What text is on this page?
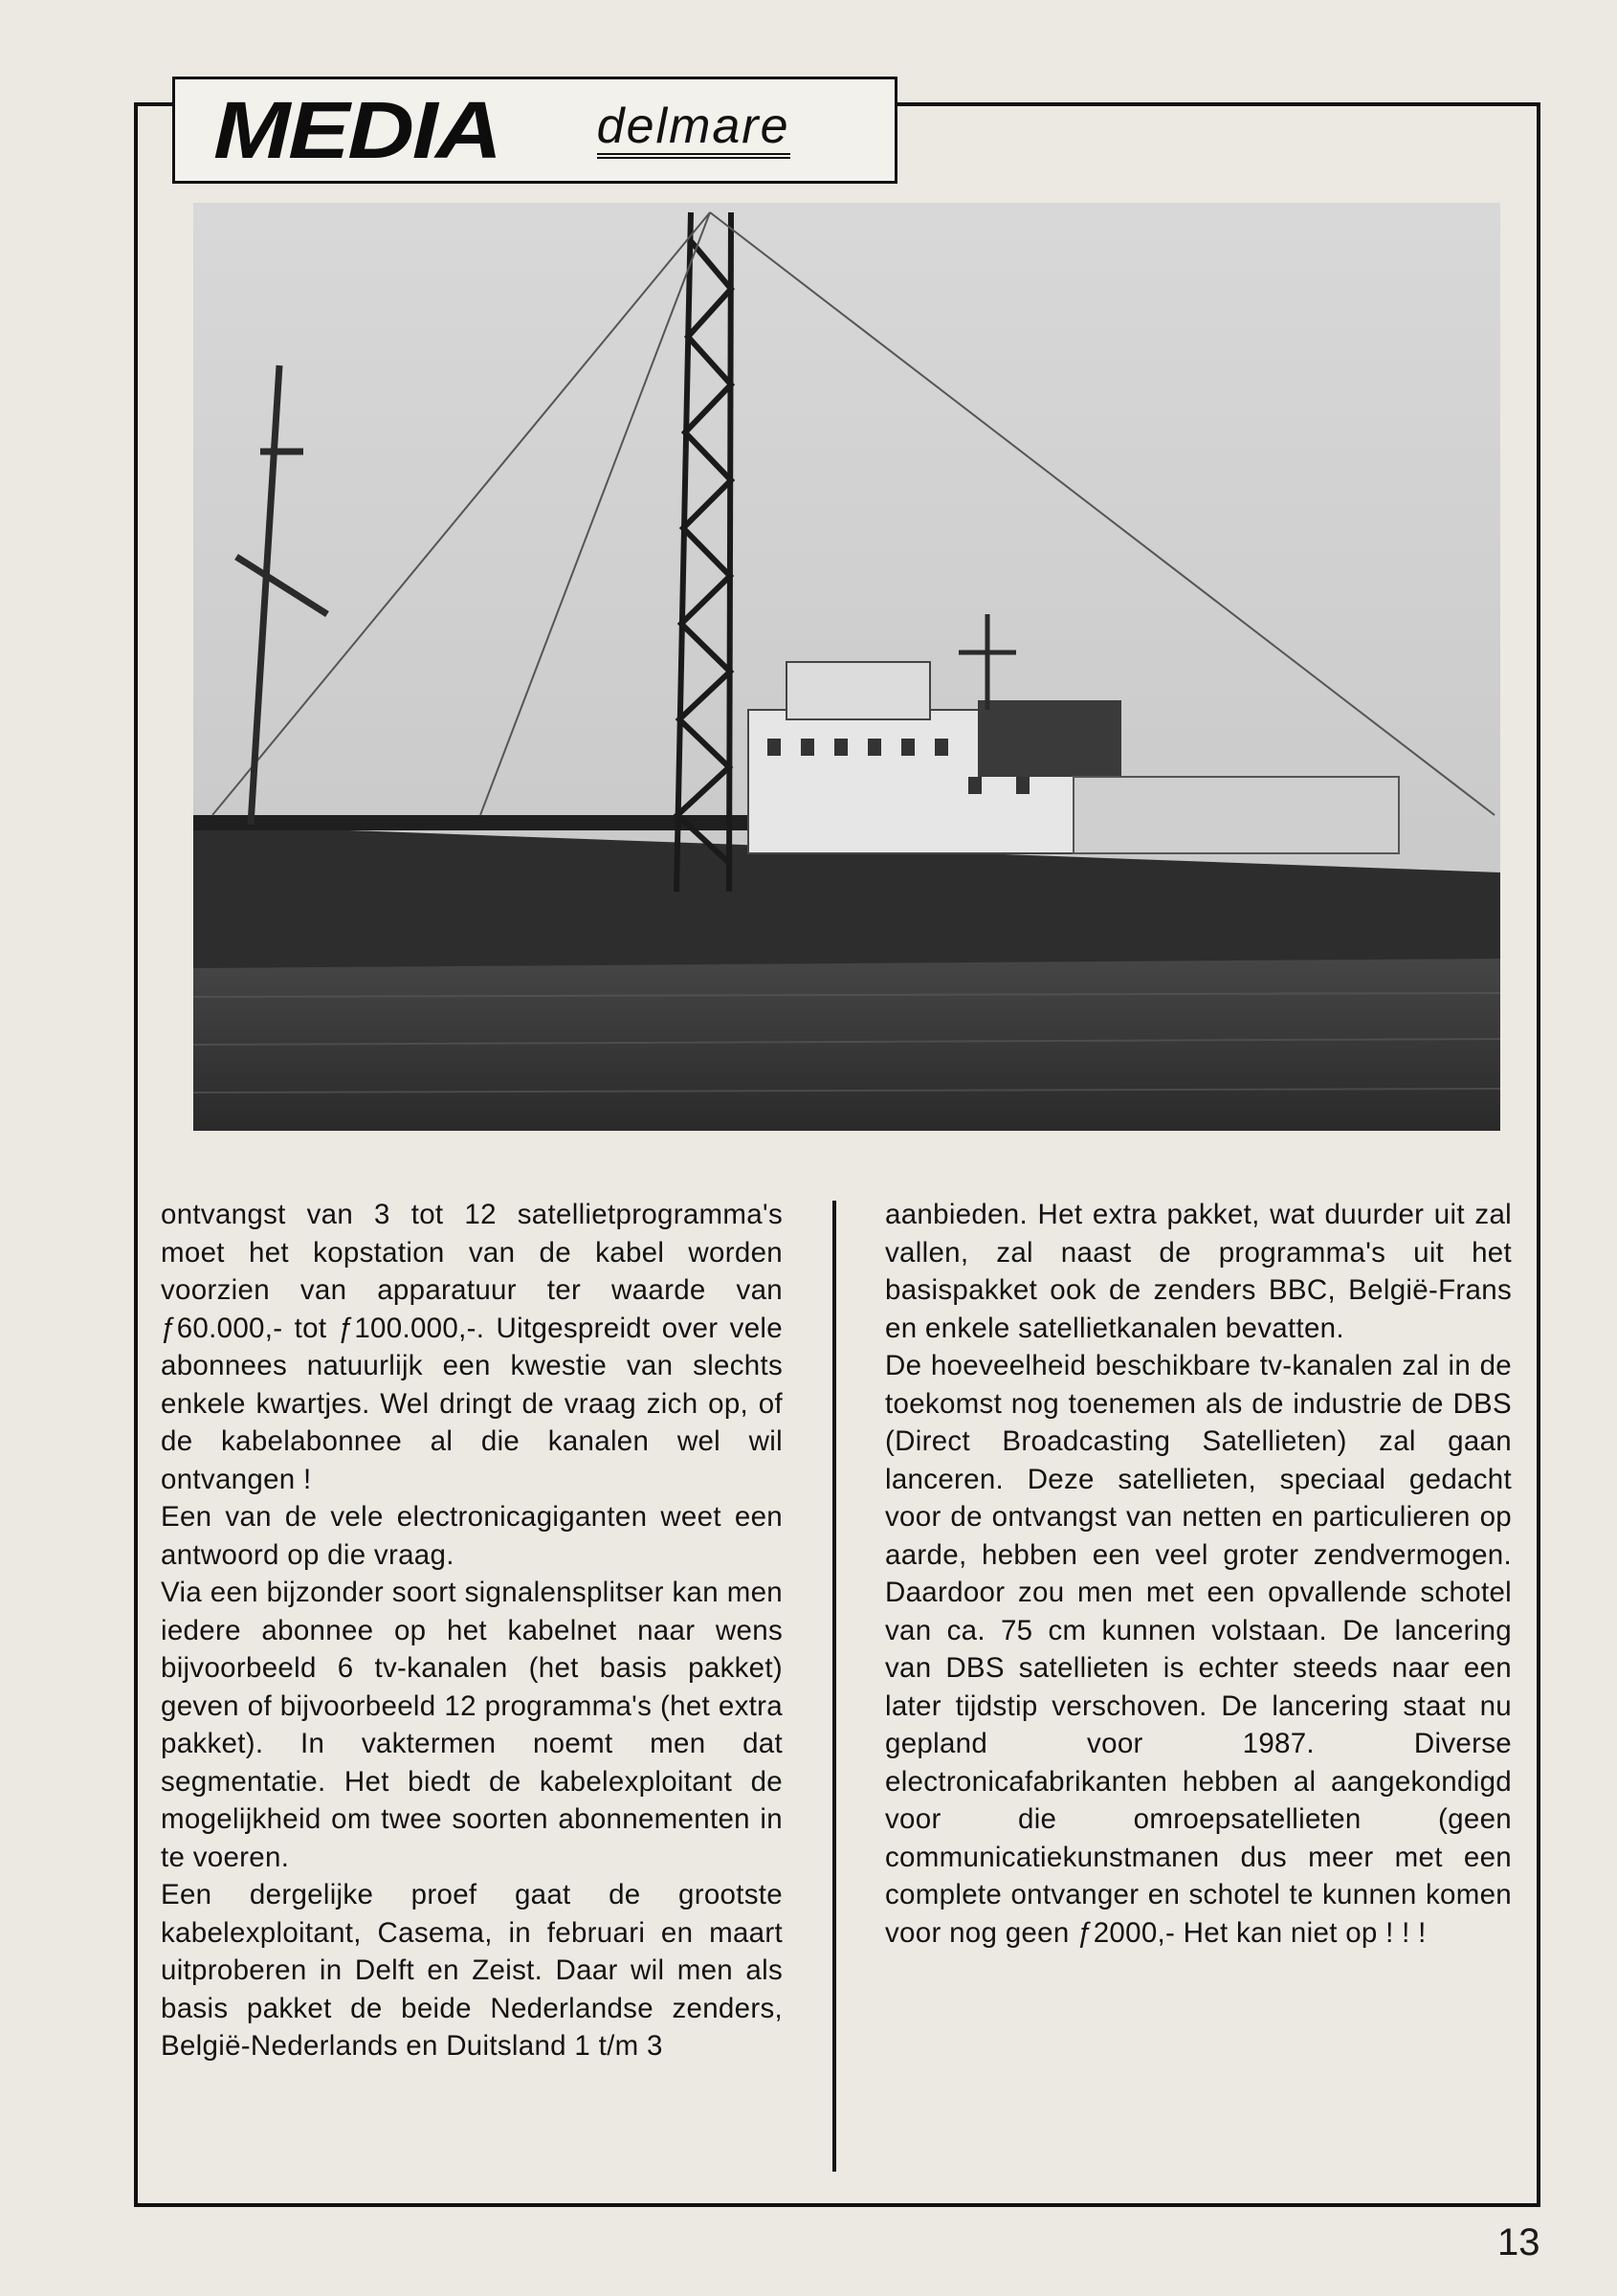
MEDIA delmare

ontvangst van 3 tot 12 satellietprogramma's moet het kopstation van de kabel worden voorzien van apparatuur ter waarde van ƒ60.000,- tot ƒ100.000,-. Uitgespreidt over vele abonnees natuurlijk een kwestie van slechts enkele kwartjes. Wel dringt de vraag zich op, of de kabelabonnee al die kanalen wel wil ontvangen !

Een van de vele electronicagiganten weet een antwoord op die vraag.

Via een bijzonder soort signalensplitser kan men iedere abonnee op het kabelnet naar wens bijvoorbeeld 6 tv-kanalen (het basis pakket) geven of bijvoorbeeld 12 programma's (het extra pakket). In vaktermen noemt men dat segmentatie. Het biedt de kabelexploitant de mogelijkheid om twee soorten abonnementen in te voeren.

Een dergelijke proef gaat de grootste kabelexploitant, Casema, in februari en maart uitproberen in Delft en Zeist. Daar wil men als basis pakket de beide Nederlandse zenders, België-Nederlands en Duitsland 1 t/m 3

aanbieden. Het extra pakket, wat duurder uit zal vallen, zal naast de programma's uit het basispakket ook de zenders BBC, België-Frans en enkele satellietkanalen bevatten.

De hoeveelheid beschikbare tv-kanalen zal in de toekomst nog toenemen als de industrie de DBS (Direct Broadcasting Satellieten) zal gaan lanceren. Deze satellieten, speciaal gedacht voor de ontvangst van netten en particulieren op aarde, hebben een veel groter zendvermogen. Daardoor zou men met een opvallende schotel van ca. 75 cm kunnen volstaan. De lancering van DBS satellieten is echter steeds naar een later tijdstip verschoven. De lancering staat nu gepland voor 1987. Diverse electronicafabrikanten hebben al aangekondigd voor die omroepsatellieten (geen communicatiekunstmanen dus meer met een complete ontvanger en schotel te kunnen komen voor nog geen ƒ2000,- Het kan niet op ! ! !

13
